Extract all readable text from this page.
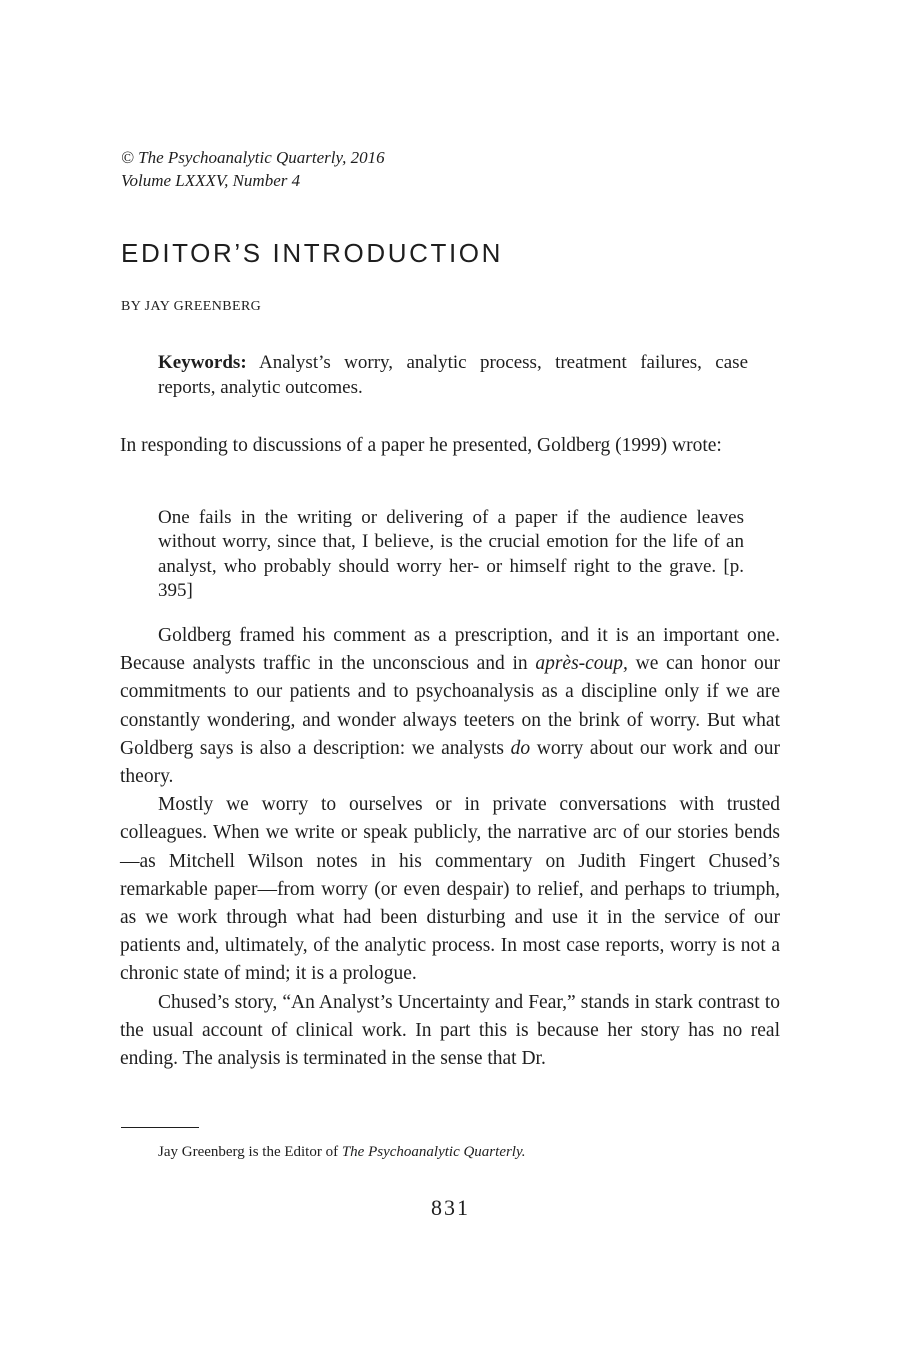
© The Psychoanalytic Quarterly, 2016
Volume LXXXV, Number 4
EDITOR’S INTRODUCTION
BY JAY GREENBERG
Keywords: Analyst’s worry, analytic process, treatment failures, case reports, analytic outcomes.

In responding to discussions of a paper he presented, Goldberg (1999) wrote:

One fails in the writing or delivering of a paper if the audience leaves without worry, since that, I believe, is the crucial emotion for the life of an analyst, who probably should worry her- or himself right to the grave. [p. 395]

Goldberg framed his comment as a prescription, and it is an important one. Because analysts traffic in the unconscious and in après-coup, we can honor our commitments to our patients and to psychoanalysis as a discipline only if we are constantly wondering, and wonder always teeters on the brink of worry. But what Goldberg says is also a description: we analysts do worry about our work and our theory.

Mostly we worry to ourselves or in private conversations with trusted colleagues. When we write or speak publicly, the narrative arc of our stories bends—as Mitchell Wilson notes in his commentary on Judith Fingert Chused’s remarkable paper—from worry (or even despair) to relief, and perhaps to triumph, as we work through what had been disturbing and use it in the service of our patients and, ultimately, of the analytic process. In most case reports, worry is not a chronic state of mind; it is a prologue.

Chused’s story, “An Analyst’s Uncertainty and Fear,” stands in stark contrast to the usual account of clinical work. In part this is because her story has no real ending. The analysis is terminated in the sense that Dr.

Jay Greenberg is the Editor of The Psychoanalytic Quarterly.
831
